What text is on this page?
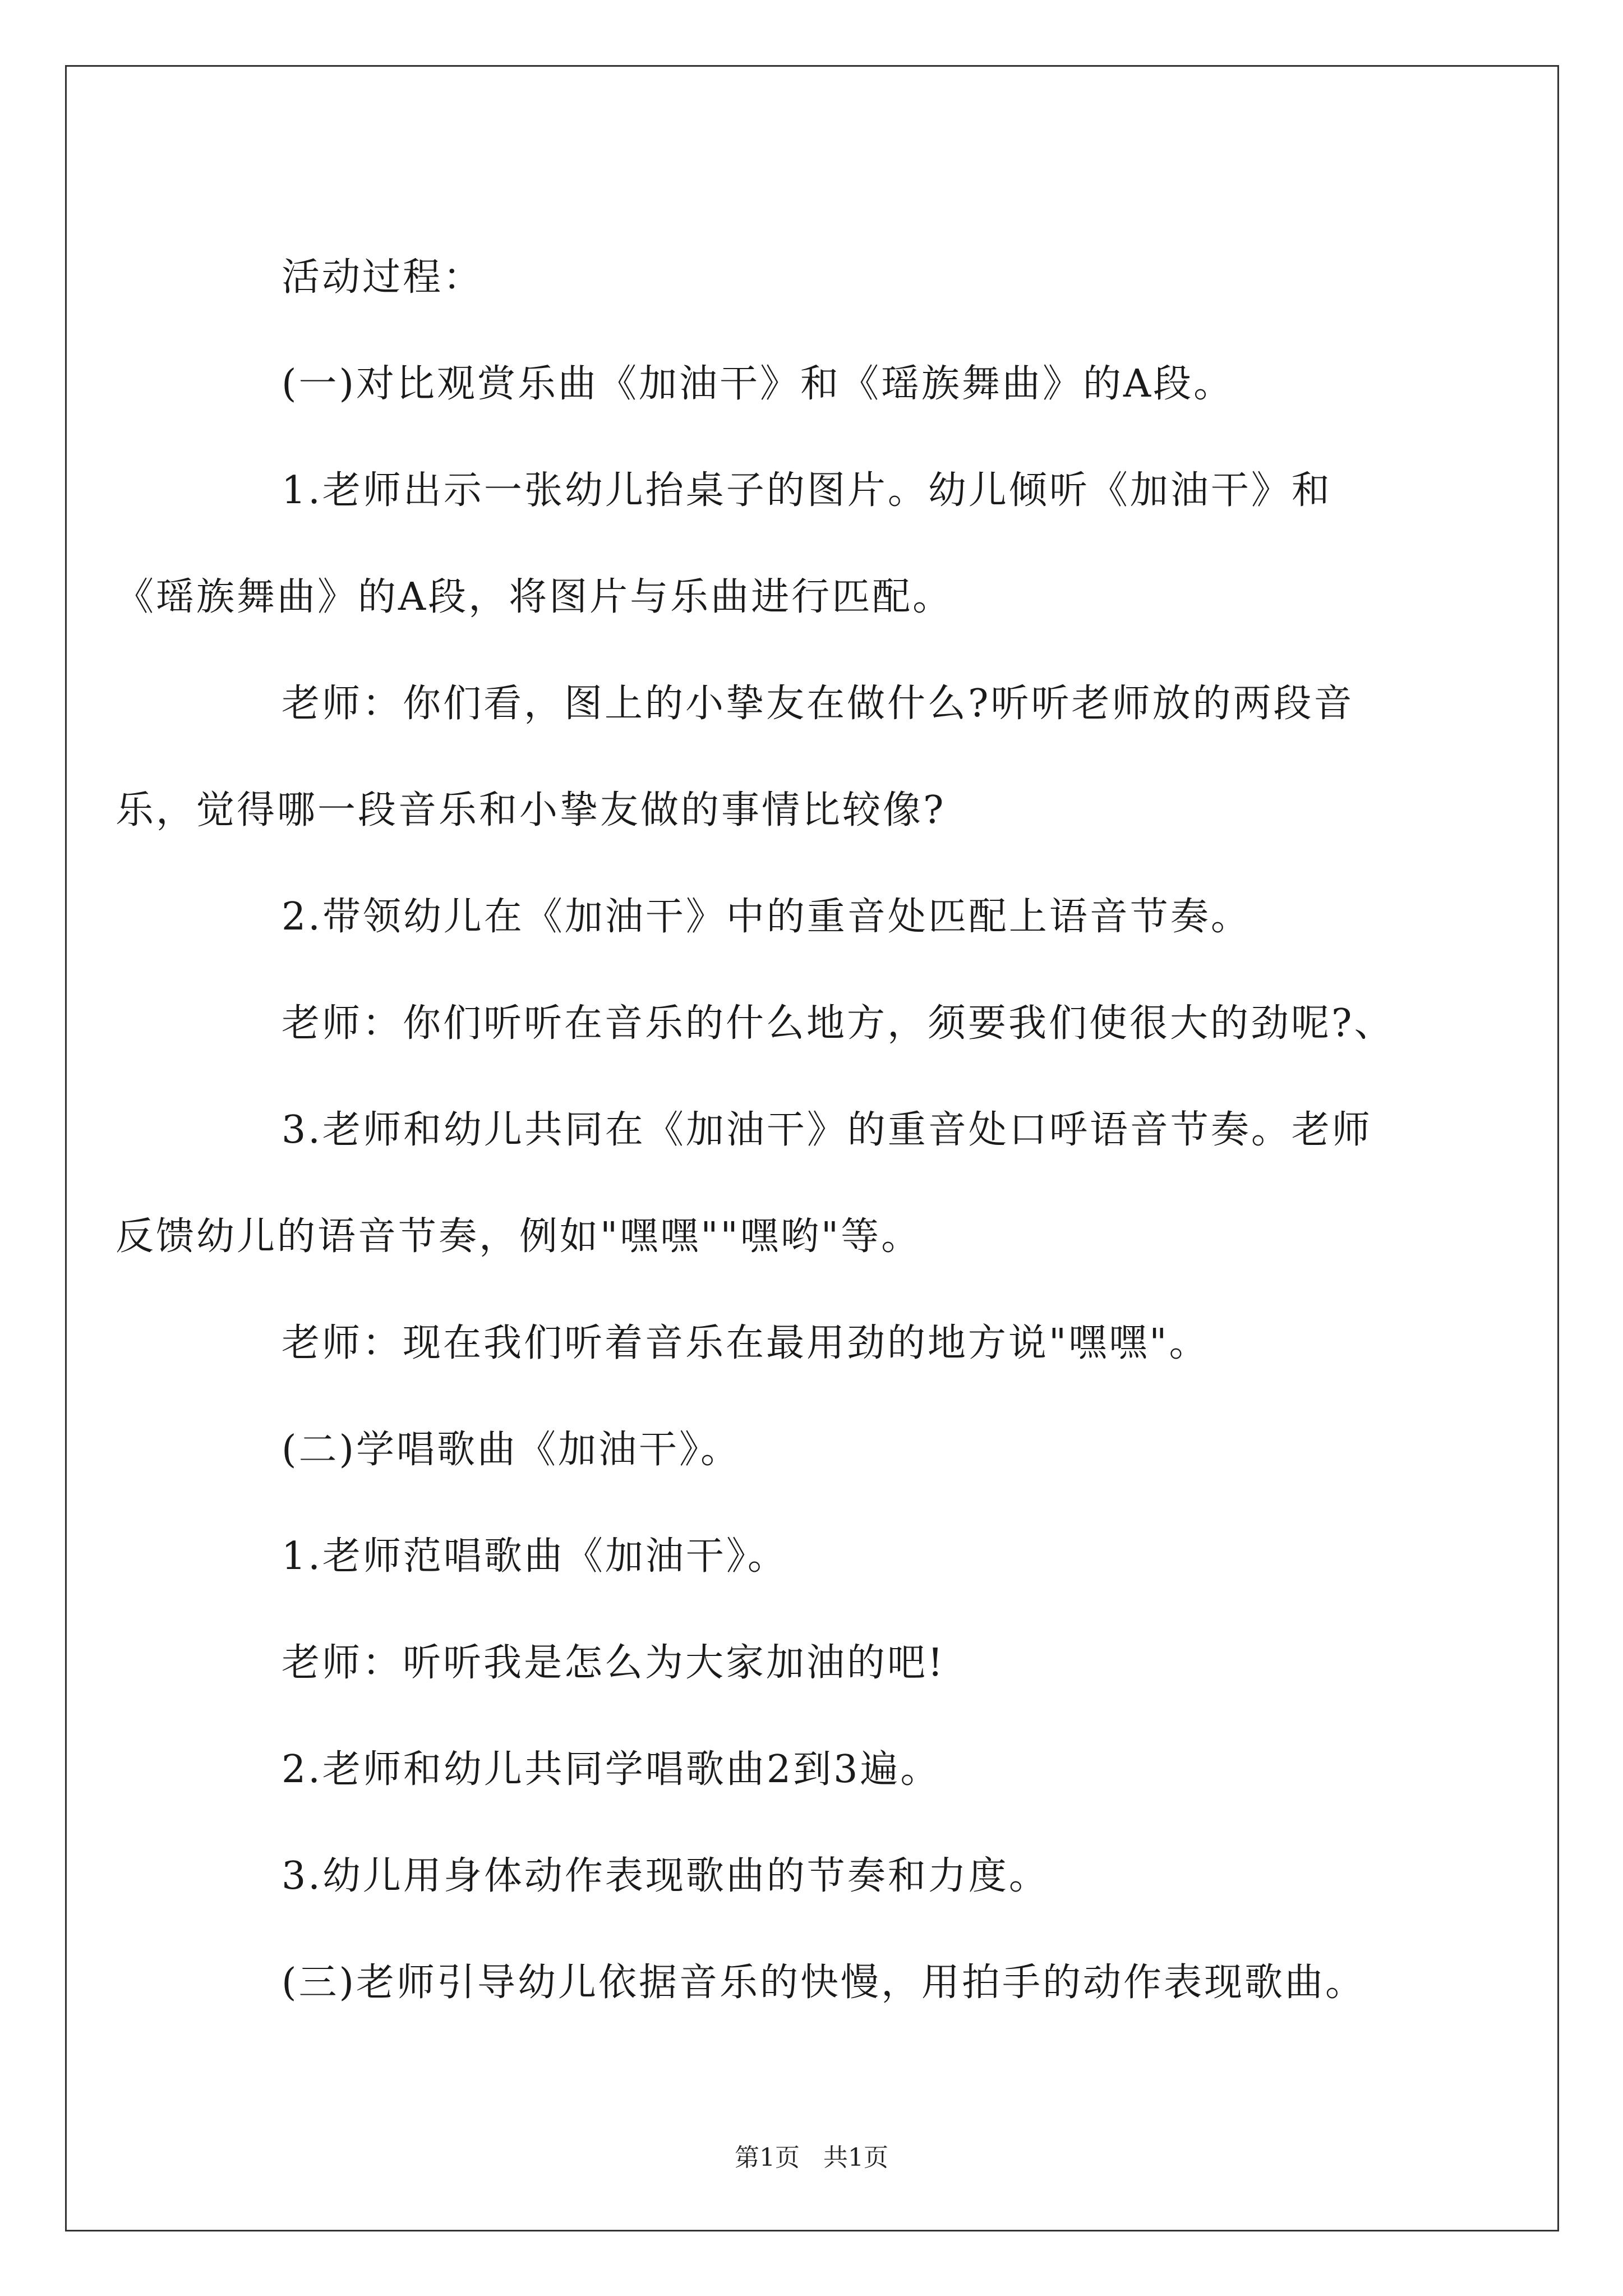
活动过程：

(一)对比观赏乐曲《加油干》和《瑶族舞曲》的A段。

1.老师出示一张幼儿抬桌子的图片。幼儿倾听《加油干》和《瑶族舞曲》的A段，将图片与乐曲进行匹配。

老师：你们看，图上的小挚友在做什么?听听老师放的两段音乐，觉得哪一段音乐和小挚友做的事情比较像?

2.带领幼儿在《加油干》中的重音处匹配上语音节奏。

老师：你们听听在音乐的什么地方，须要我们使很大的劲呢?、

3.老师和幼儿共同在《加油干》的重音处口呼语音节奏。老师反馈幼儿的语音节奏，例如"嘿嘿""嘿哟"等。

老师：现在我们听着音乐在最用劲的地方说"嘿嘿"。

(二)学唱歌曲《加油干》。

1.老师范唱歌曲《加油干》。

老师：听听我是怎么为大家加油的吧!

2.老师和幼儿共同学唱歌曲2到3遍。

3.幼儿用身体动作表现歌曲的节奏和力度。

(三)老师引导幼儿依据音乐的快慢，用拍手的动作表现歌曲。

第1页   共1页
